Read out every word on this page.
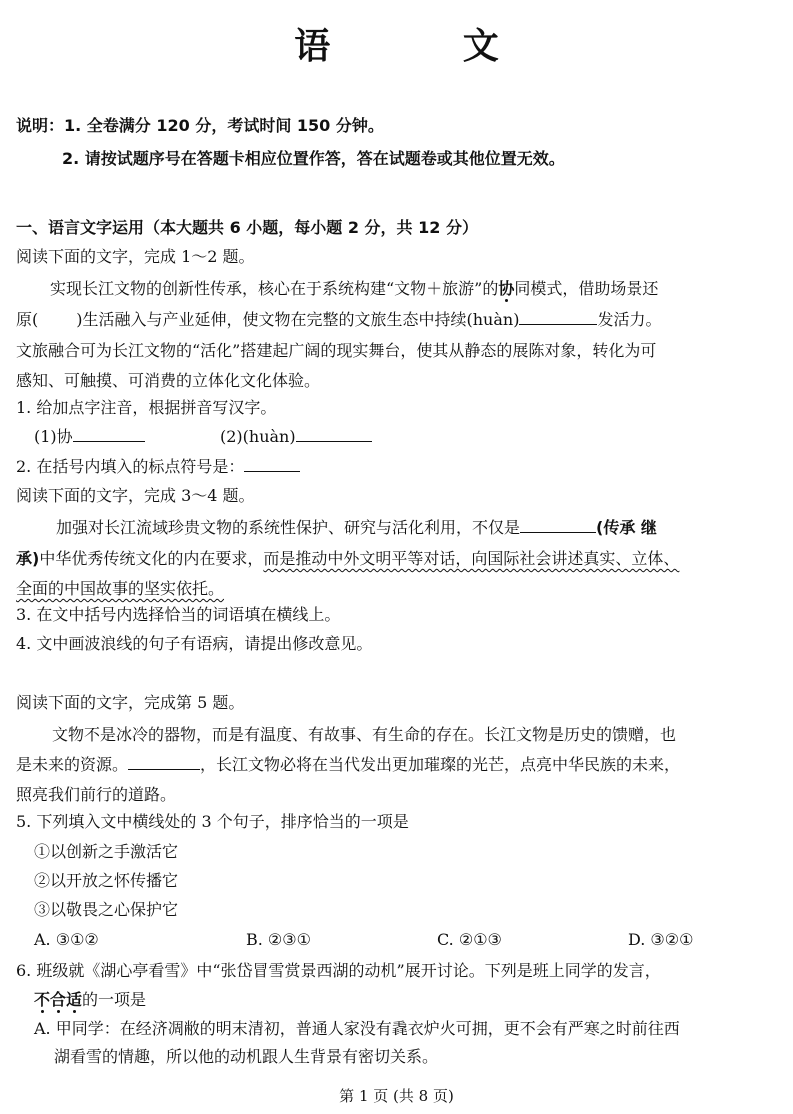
语 文
说明：1. 全卷满分 120 分，考试时间 150 分钟。
2. 请按试题序号在答题卡相应位置作答，答在试题卷或其他位置无效。
一、语言文字运用（本大题共 6 小题，每小题 2 分，共 12 分）
阅读下面的文字，完成 1～2 题。
实现长江文物的创新性传承，核心在于系统构建“文物＋旅游”的协同模式，借助场景还
原( )生活融入与产业延伸，使文物在完整的文旅生态中持续(huàn)	发活力。
文旅融合可为长江文物的“活化”搭建起广阔的现实舞台，使其从静态的展陈对象，转化为可
感知、可触摸、可消费的立体化文化体验。
1. 给加点字注音，根据拼音写汉字。
(1)协	(2)(huàn)
2. 在括号内填入的标点符号是：
阅读下面的文字，完成 3～4 题。
加强对长江流域珍贵文物的系统性保护、研究与活化利用，不仅是	(传承 继
承)中华优秀传统文化的内在要求，而是推动中外文明平等对话，向国际社会讲述真实、立体、
全面的中国故事的坚实依托。
3. 在文中括号内选择恰当的词语填在横线上。
4. 文中画波浪线的句子有语病，请提出修改意见。
阅读下面的文字，完成第 5 题。
文物不是冰冷的器物，而是有温度、有故事、有生命的存在。长江文物是历史的馈赠，也
是未来的资源。	，长江文物必将在当代发出更加璀璨的光芒，点亮中华民族的未来，
照亮我们前行的道路。
5. 下列填入文中横线处的 3 个句子，排序恰当的一项是
①以创新之手激活它
②以开放之怀传播它
③以敬畏之心保护它
A. ③①②	B. ②③①	C. ②①③	D. ③②①
6. 班级就《湖心亭看雪》中“张岱冒雪赏景西湖的动机”展开讨论。下列是班上同学的发言，
不合适的一项是
A. 甲同学：在经济凋敝的明末清初，普通人家没有毳衣炉火可拥，更不会有严寒之时前往西
湖看雪的情趣，所以他的动机跟人生背景有密切关系。
第 1 页 (共 8 页)
